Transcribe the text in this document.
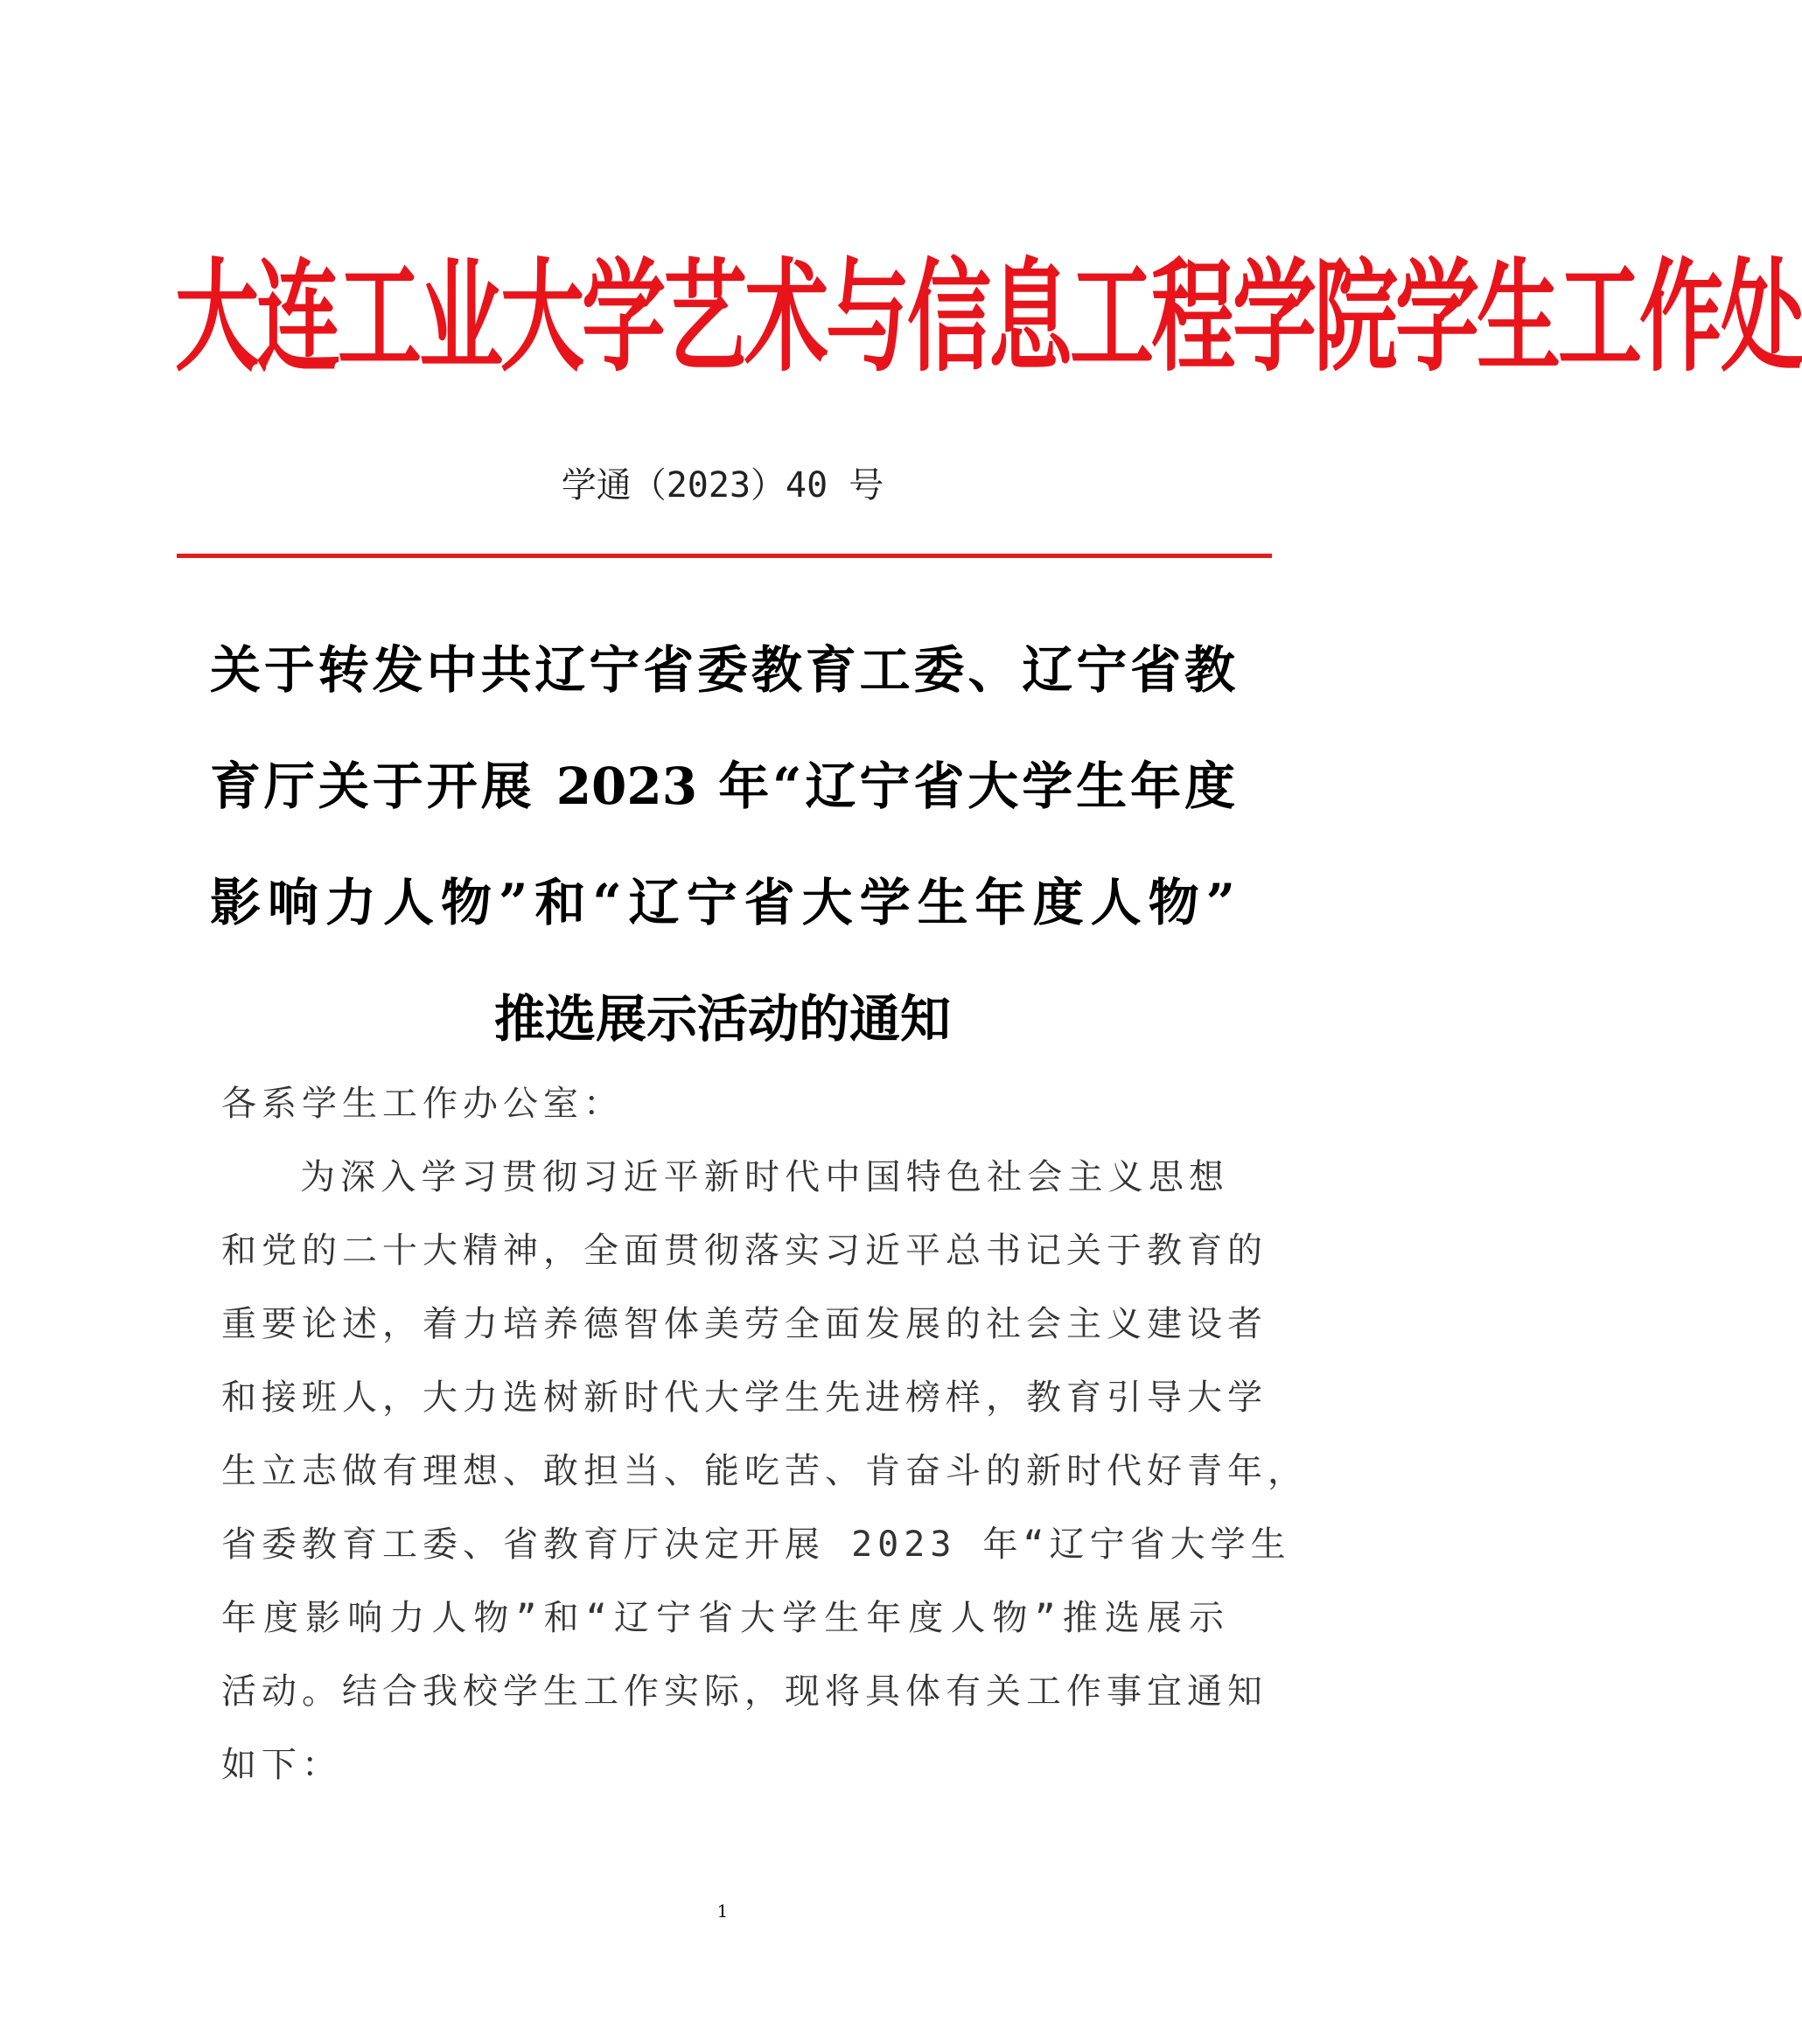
大连工业大学艺术与信息工程学院学生工作处
学通（2023）40 号
关于转发中共辽宁省委教育工委、辽宁省教
育厅关于开展 2023 年“辽宁省大学生年度
影响力人物”和“辽宁省大学生年度人物”
推选展示活动的通知
各系学生工作办公室：
为深入学习贯彻习近平新时代中国特色社会主义思想
和党的二十大精神，全面贯彻落实习近平总书记关于教育的
重要论述，着力培养德智体美劳全面发展的社会主义建设者
和接班人，大力选树新时代大学生先进榜样，教育引导大学
生立志做有理想、敢担当、能吃苦、肯奋斗的新时代好青年，
省委教育工委、省教育厅决定开展 2023 年“辽宁省大学生
年度影响力人物”和“辽宁省大学生年度人物”推选展示
活动。结合我校学生工作实际，现将具体有关工作事宜通知
如下：
1
